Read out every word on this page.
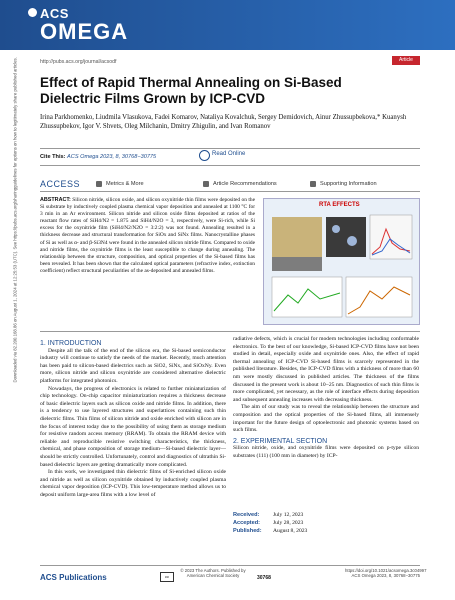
ACS
OMEGA
http://pubs.acs.org/journal/acsodf	Article
Downloaded via 82.200.168.86 on August 1, 2024 at 12:25:53 (UTC). See https://pubs.acs.org/sharingguidelines for options on how to legitimately share published articles. Effect of Rapid Thermal Annealing on Si-Based Dielectric Films Grown by ICP-CVD
Irina Parkhomenko, Liudmila Vlasukova, Fadei Komarov, Nataliya Kovalchuk, Sergey Demidovich, Ainur Zhussupbekova,* Kuanysh Zhussupbekov, Igor V. Shvets, Oleg Milchanin, Dmitry Zhigulin, and Ivan Romanov
Cite This: ACS Omega 2023, 8, 30768−30775	Read Online
ACCESS	Metrics & More	Article Recommendations	Supporting Information
ABSTRACT: Silicon nitride, silicon oxide, and silicon oxynitride thin films were deposited on the Si substrate by inductively coupled plasma chemical vapor deposition and annealed at 1100 °C for 3 min in an Ar environment. Silicon nitride and silicon oxide films deposited at ratios of the reactant flow rates of SiH4/N2 = 1.875 and SiH4/N2O = 3, respectively, were Si-rich, while Si excess for the oxynitride film (SiH4/N2/N2O = 3:2:2) was not found. Annealing resulted in a thickness decrease and structural transformation for SiOx and SiNx films. Nanocrystalline phases of Si as well as α- and β-Si3N4 were found in the annealed silicon nitride films. Compared to oxide and nitride films, the oxynitride films is the least susceptible to change during annealing. The relationship between the structure, composition, and optical properties of the Si-based films has been revealed. It has been shown that the calculated optical parameters (refractive index, extinction coefficient) reflect structural peculiarities of the as-deposited and annealed films.
RTA EFFECTS
1. INTRODUCTION
Despite all the talk of the end of the silicon era, the Si-based semiconductor industry will continue to satisfy the needs of the market. Recently, much attention has been paid to silicon-based dielectrics such as SiO2, SiNx, and SiOxNy. Even more, silicon nitride and silicon oxynitride are considered alternative dielectric platforms for integrated photonics.
Nowadays, the progress of electronics is related to further miniaturization of chip technology. On-chip capacitor miniaturization requires a thickness decrease of basic dielectric layers such as silicon oxide and nitride films. In addition, there is a tendency to use layered structures and superlattices containing such thin dielectric films. Thin films of silicon nitride and oxide enriched with silicon are in the focus of interest today due to the possibility of using them as storage medium for resistive random access memory (RRAM). To obtain the RRAM device with reliable and reproducible resistive switching characteristics, the thickness, chemical, and phase composition of storage medium—Si-based dielectric layer—should be strictly controlled. Unfortunately, control and diagnostics of ultrathin Si-based dielectric layers are getting dramatically more complicated.
In this work, we investigated thin dielectric films of Si-enriched silicon oxide and nitride as well as silicon oxynitride obtained by inductively coupled plasma chemical vapor deposition (ICP-CVD). This low-temperature method allows us to deposit uniform large-area films with a low level of
radiative defects, which is crucial for modern technologies including conformable electronics. To the best of our knowledge, Si-based ICP-CVD films have not been studied in detail, especially oxide and oxynitride ones. Also, the effect of rapid thermal annealing of ICP-CVD Si-based films is scarcely represented in the published literature. Besides, the ICP-CVD films with a thickness of more than 60 nm were mostly discussed in published articles. The thickness of the films discussed in the present work is about 10−25 nm. Diagnostics of such thin films is more complicated, yet necessary, as the role of interface effects during deposition and subsequent annealing increases with decreasing thickness.
The aim of our study was to reveal the relationship between the structure and composition and the optical properties of the Si-based films, all immensely important for the future design of optoelectronic and photonic systems based on such films.
2. EXPERIMENTAL SECTION
Silicon nitride, oxide, and oxynitride films were deposited on p-type silicon substrates (111) (100 mm in diameter) by ICP-
Received: July 12, 2023
Accepted: July 28, 2023
Published: August 8, 2023
ACS Publications	cc
© 2023 The Authors. Published by American Chemical Society	30768
https://doi.org/10.1021/acsomega.3c04997
ACS Omega 2023, 8, 30768−30775
